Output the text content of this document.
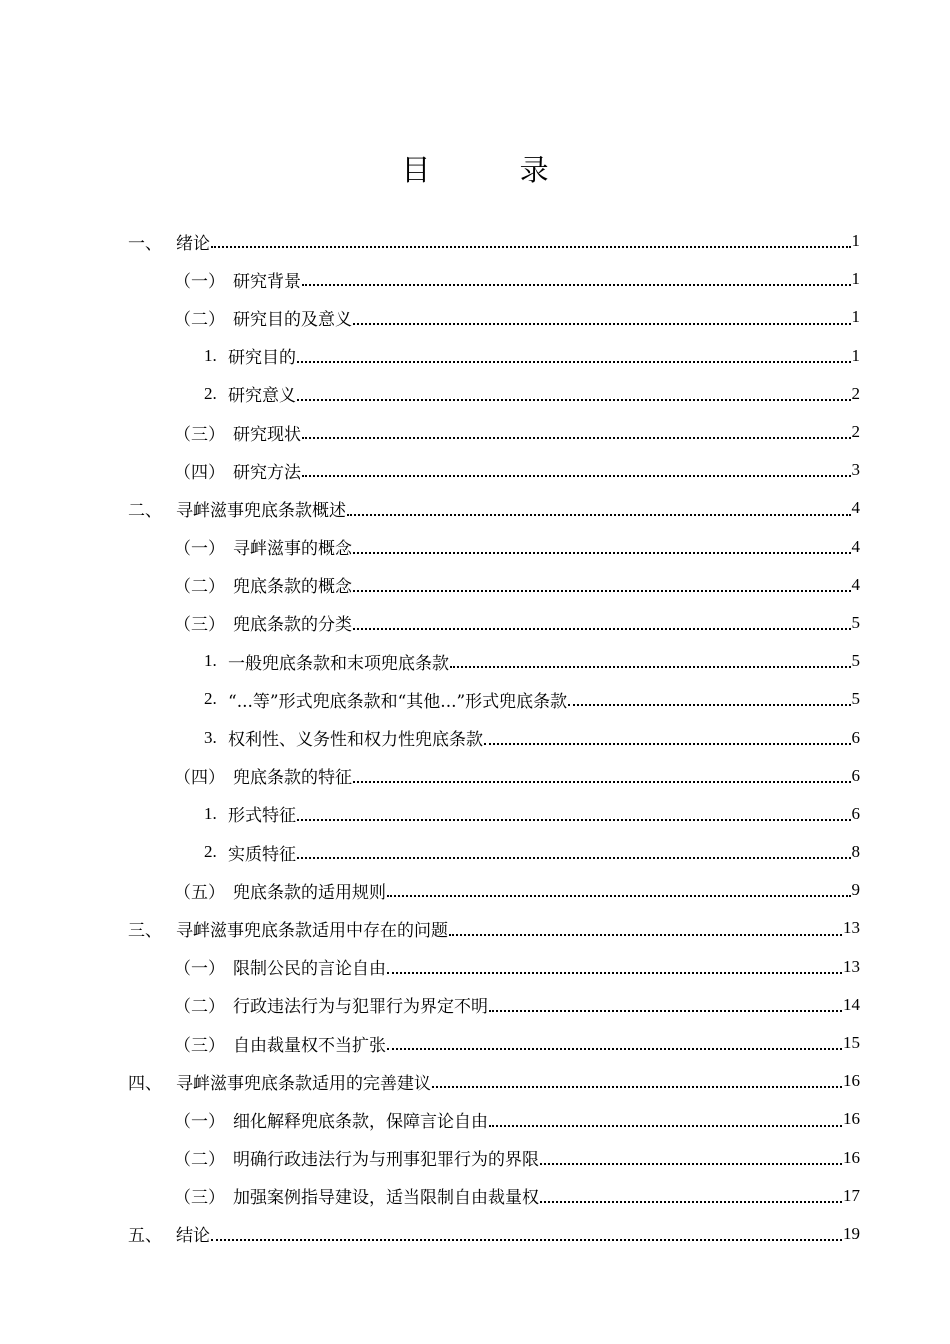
目 录
一、 绪论	1
（一） 研究背景	1
（二） 研究目的及意义	1
1. 研究目的	1
2. 研究意义	2
（三） 研究现状	2
（四） 研究方法	3
二、 寻衅滋事兜底条款概述	4
（一） 寻衅滋事的概念	4
（二） 兜底条款的概念	4
（三） 兜底条款的分类	5
1. 一般兜底条款和末项兜底条款	5
2. “...等”形式兜底条款和“其他...”形式兜底条款	5
3. 权利性、义务性和权力性兜底条款	6
（四） 兜底条款的特征	6
1. 形式特征	6
2. 实质特征	8
（五） 兜底条款的适用规则	9
三、 寻衅滋事兜底条款适用中存在的问题	13
（一） 限制公民的言论自由	13
（二） 行政违法行为与犯罪行为界定不明	14
（三） 自由裁量权不当扩张	15
四、 寻衅滋事兜底条款适用的完善建议	16
（一） 细化解释兜底条款，保障言论自由	16
（二） 明确行政违法行为与刑事犯罪行为的界限	16
（三） 加强案例指导建设，适当限制自由裁量权	17
五、 结论	19
